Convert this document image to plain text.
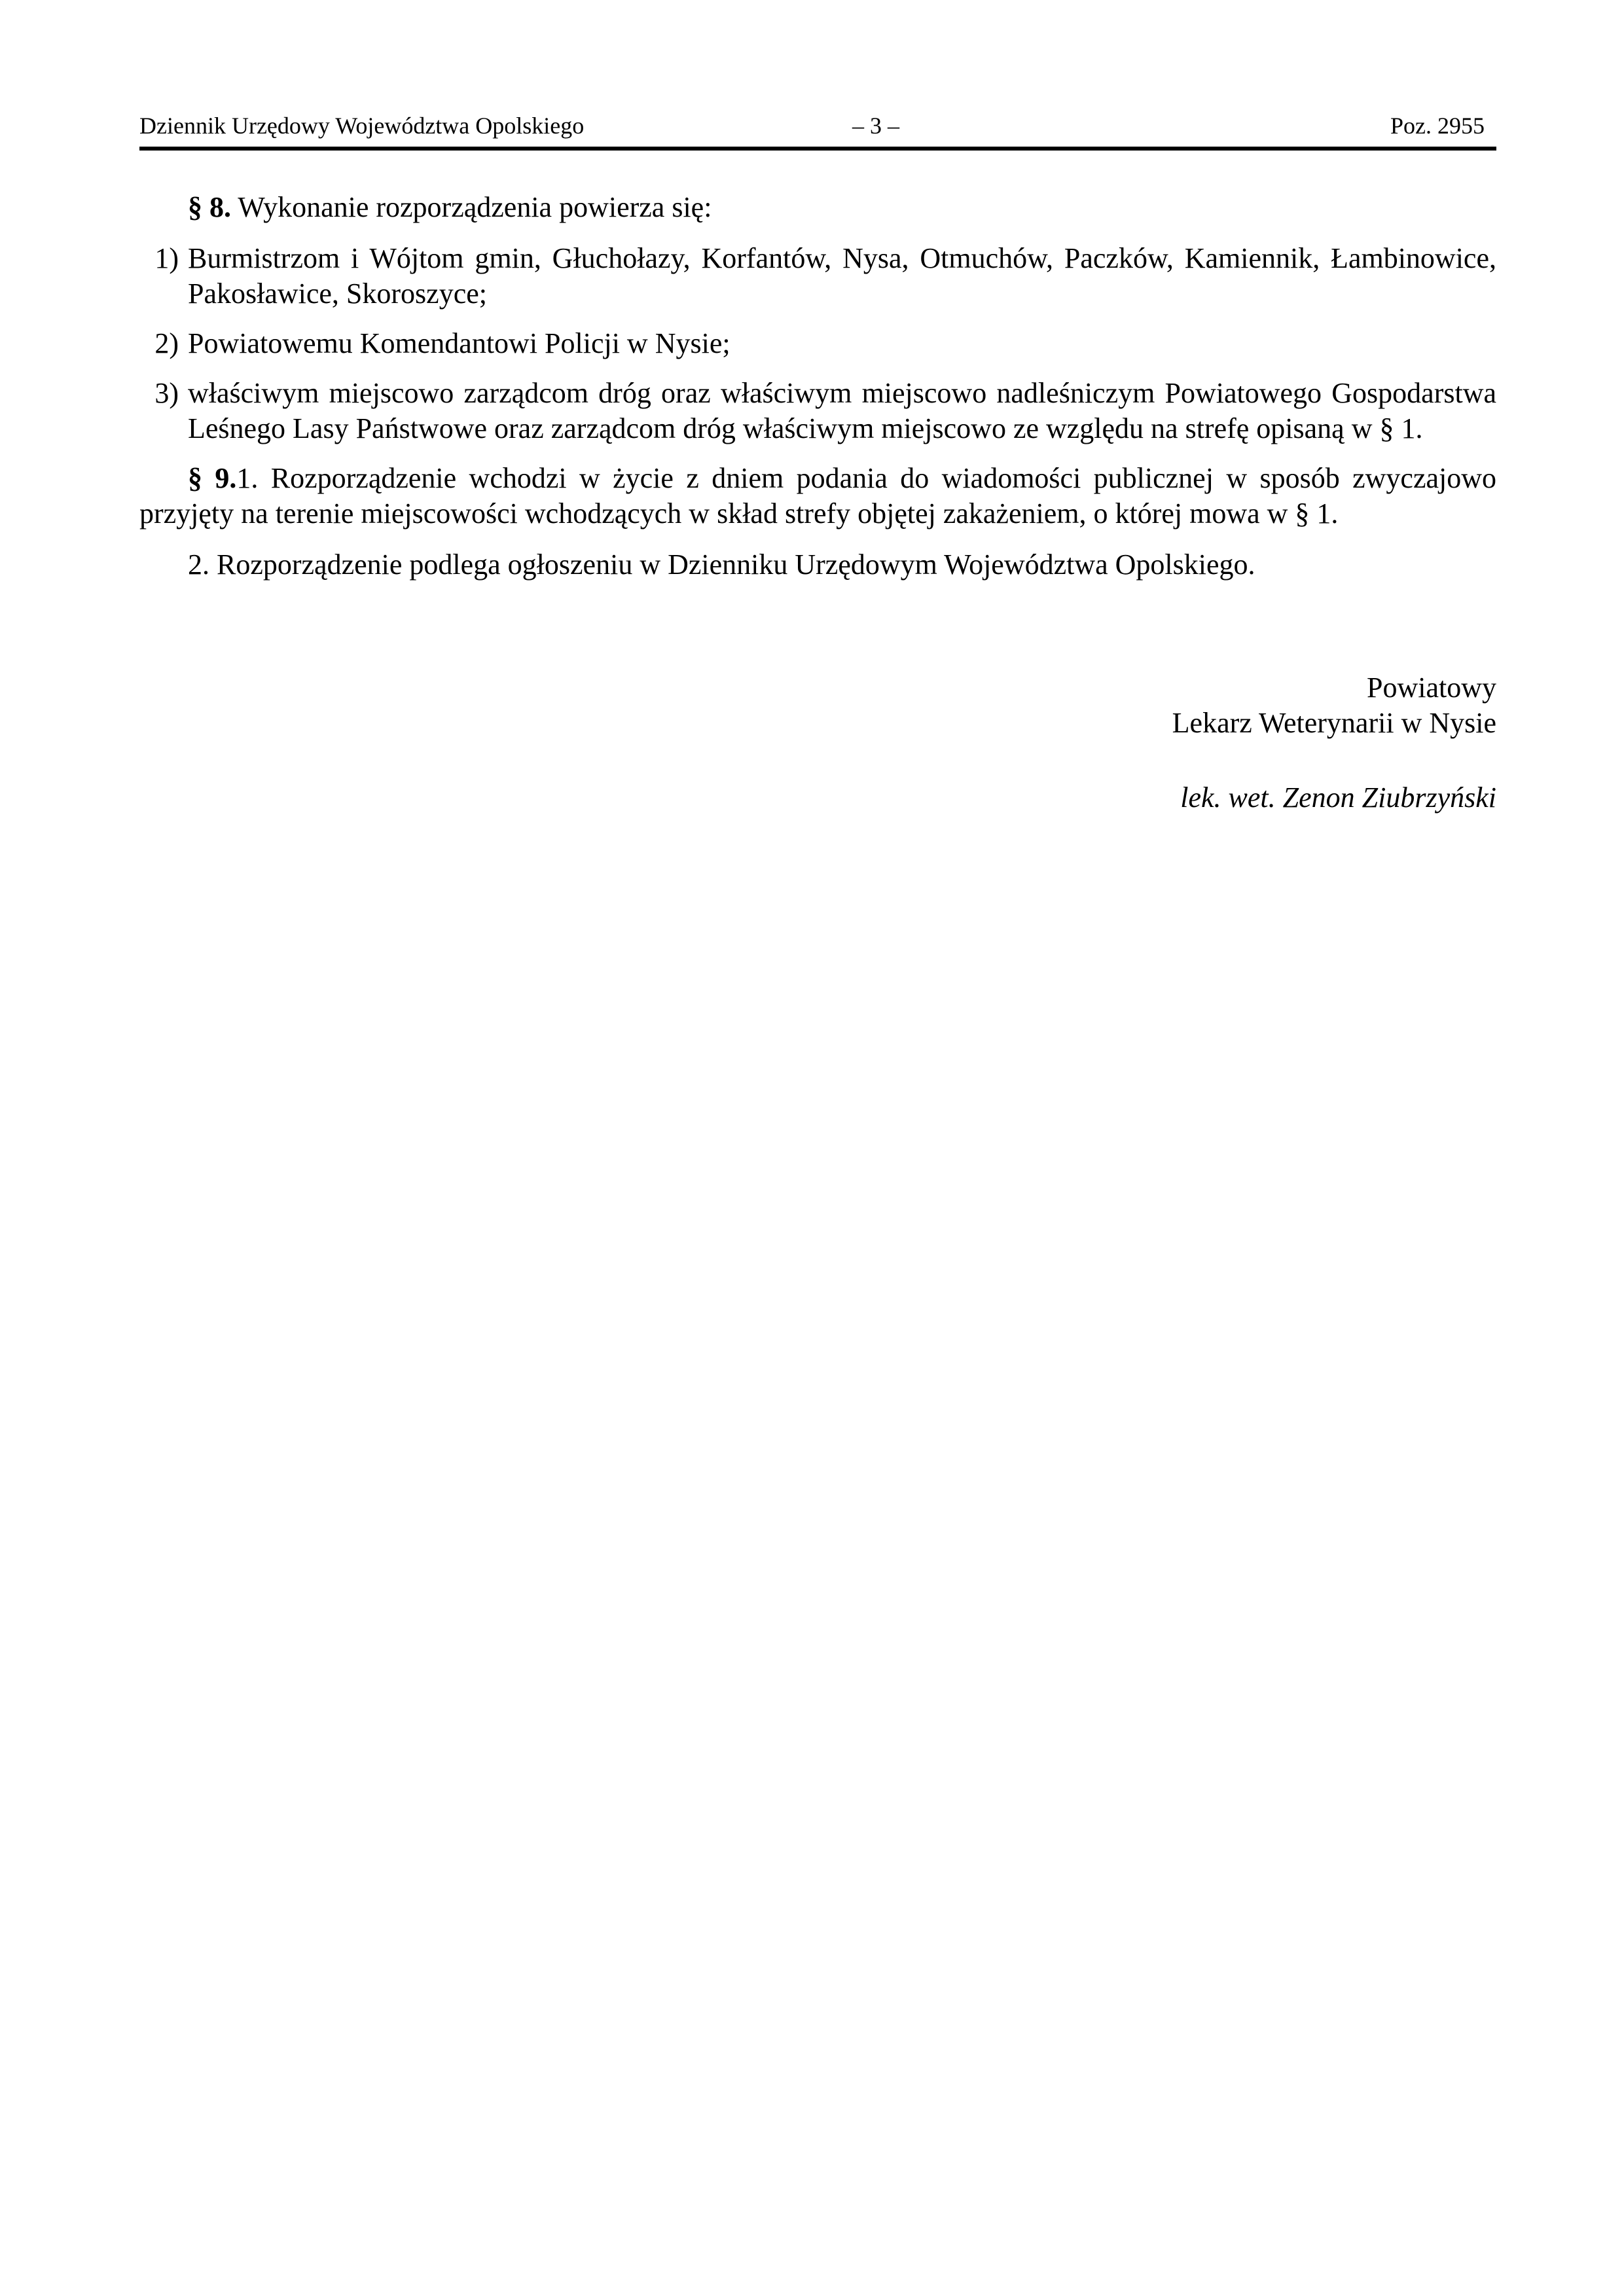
Dziennik Urzędowy Województwa Opolskiego	– 3 –	Poz. 2955

§ 8. Wykonanie rozporządzenia powierza się:

1) Burmistrzom i Wójtom gmin, Głuchołazy, Korfantów, Nysa, Otmuchów, Paczków, Kamiennik, Łambinowice, Pakosławice, Skoroszyce;
2) Powiatowemu Komendantowi Policji w Nysie;
3) właściwym miejscowo zarządcom dróg oraz właściwym miejscowo nadleśniczym Powiatowego Gospodarstwa Leśnego Lasy Państwowe oraz zarządcom dróg właściwym miejscowo ze względu na strefę opisaną w § 1.

§ 9.1. Rozporządzenie wchodzi w życie z dniem podania do wiadomości publicznej w sposób zwyczajowo przyjęty na terenie miejscowości wchodzących w skład strefy objętej zakażeniem, o której mowa w § 1.

2. Rozporządzenie podlega ogłoszeniu w Dzienniku Urzędowym Województwa Opolskiego.

Powiatowy
Lekarz Weterynarii w Nysie
lek. wet. Zenon Ziubrzyński
